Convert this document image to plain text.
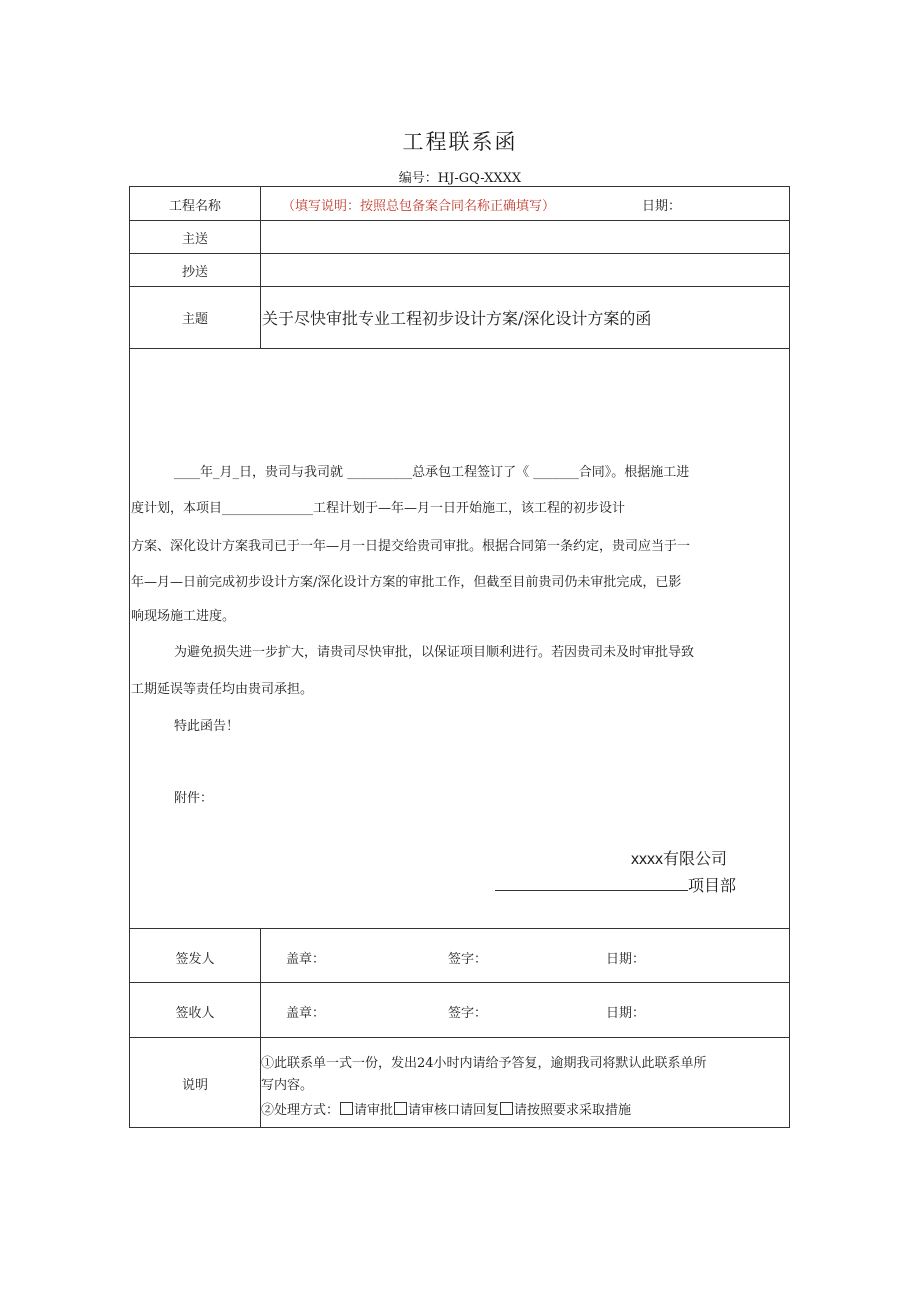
工程联系函
编号：HJ-GQ-XXXX
工程名称	（填写说明：按照总包备案合同名称正确填写）	日期：
主送
抄送
主题	关于尽快审批专业工程初步设计方案/深化设计方案的函
____年_月_日，贵司与我司就 __________总承包工程签订了《 _______合同》。根据施工进
度计划，本项目______________工程计划于—年—月一日开始施工，该工程的初步设计
方案、深化设计方案我司已于一年—月一日提交给贵司审批。根据合同第一条约定，贵司应当于一
年—月—日前完成初步设计方案/深化设计方案的审批工作，但截至目前贵司仍未审批完成，已影
响现场施工进度。
为避免损失进一步扩大，请贵司尽快审批，以保证项目顺利进行。若因贵司未及时审批导致
工期延误等责任均由贵司承担。
特此函告！
附件：
xxxx有限公司
项目部
签发人	盖章：	签字：	日期：
签收人	盖章：	签字：	日期：
说明
①此联系单一式一份，发出24小时内请给予答复，逾期我司将默认此联系单所
写内容。
②处理方式： 请审批 请审核口请回复 请按照要求采取措施
